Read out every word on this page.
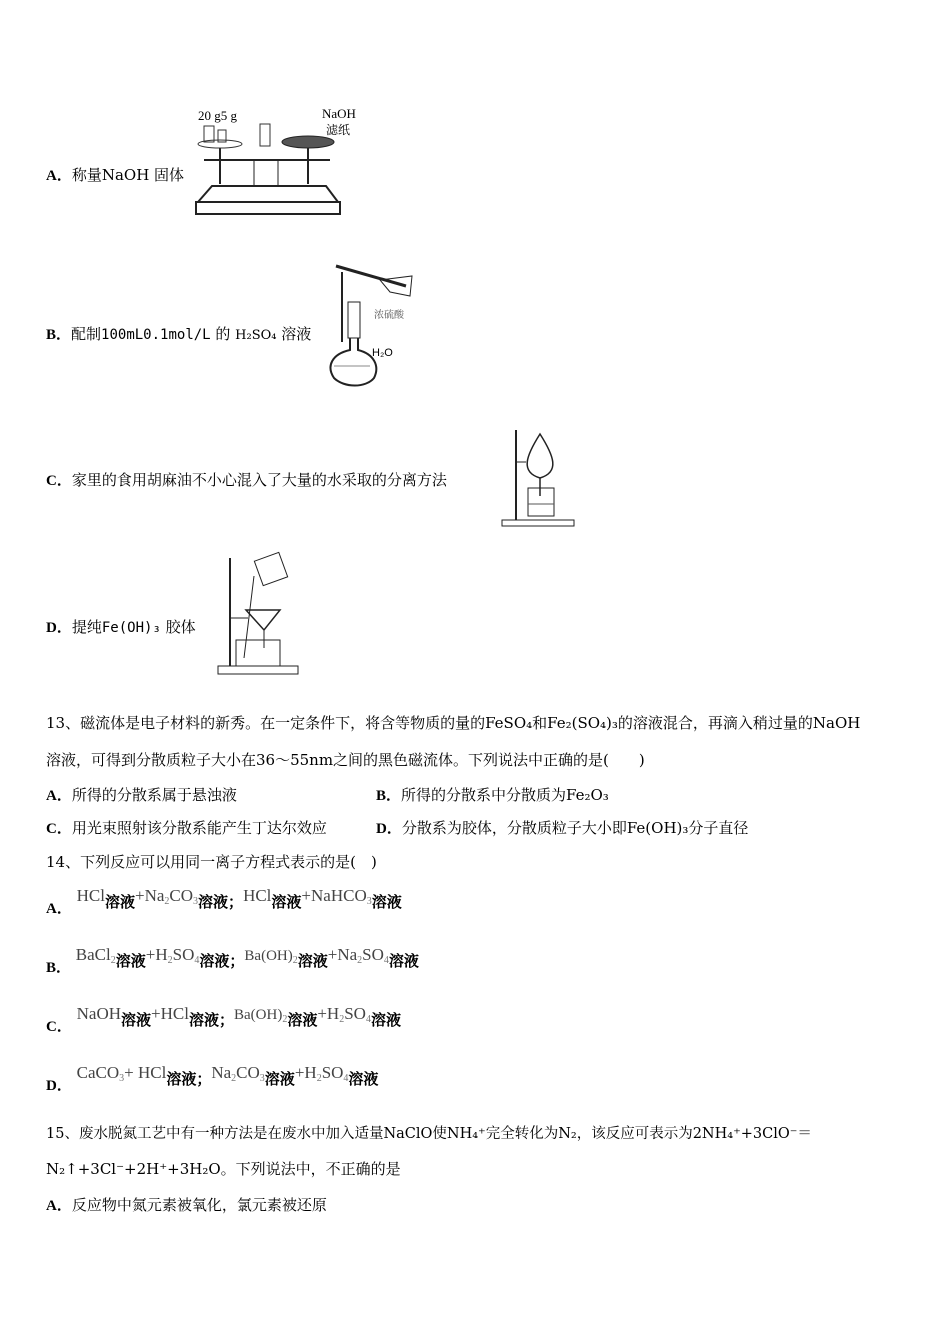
A．称量NaOH 固体
20 g5 g	NaOH
滤纸
B．配制100mL0.1mol/L 的 H₂SO₄ 溶液
浓硫酸
H₂O
C．家里的食用胡麻油不小心混入了大量的水采取的分离方法
D．提纯Fe(OH)₃ 胶体
13、磁流体是电子材料的新秀。在一定条件下，将含等物质的量的FeSO₄和Fe₂(SO₄)₃的溶液混合，再滴入稍过量的NaOH
溶液，可得到分散质粒子大小在36～55nm之间的黑色磁流体。下列说法中正确的是(　　)
A．所得的分散系属于悬浊液	B．所得的分散系中分散质为Fe₂O₃
C．用光束照射该分散系能产生丁达尔效应	D．分散系为胶体，分散质粒子大小即Fe(OH)₃分子直径
14、下列反应可以用同一离子方程式表示的是(　)
A． HCl溶液$+Na_2CO_3$溶液；HCl溶液+NaHCO$_3$溶液
B． BaCl$_2$溶液$+H_2SO_4$溶液；$Ba(OH)_2$溶液$+Na_2SO_4$溶液
C． NaOH溶液+HCl溶液；$Ba(OH)_2$溶液$+H_2SO_4$溶液
D． CaCO$_3$+ HCl溶液；$Na_2CO_3$溶液$+H_2SO_4$溶液
15、废水脱氮工艺中有一种方法是在废水中加入适量NaClO使NH₄⁺完全转化为N₂，该反应可表示为2NH₄⁺+3ClO⁻＝
N₂↑+3Cl⁻+2H⁺+3H₂O。下列说法中，不正确的是
A．反应物中氮元素被氧化，氯元素被还原
